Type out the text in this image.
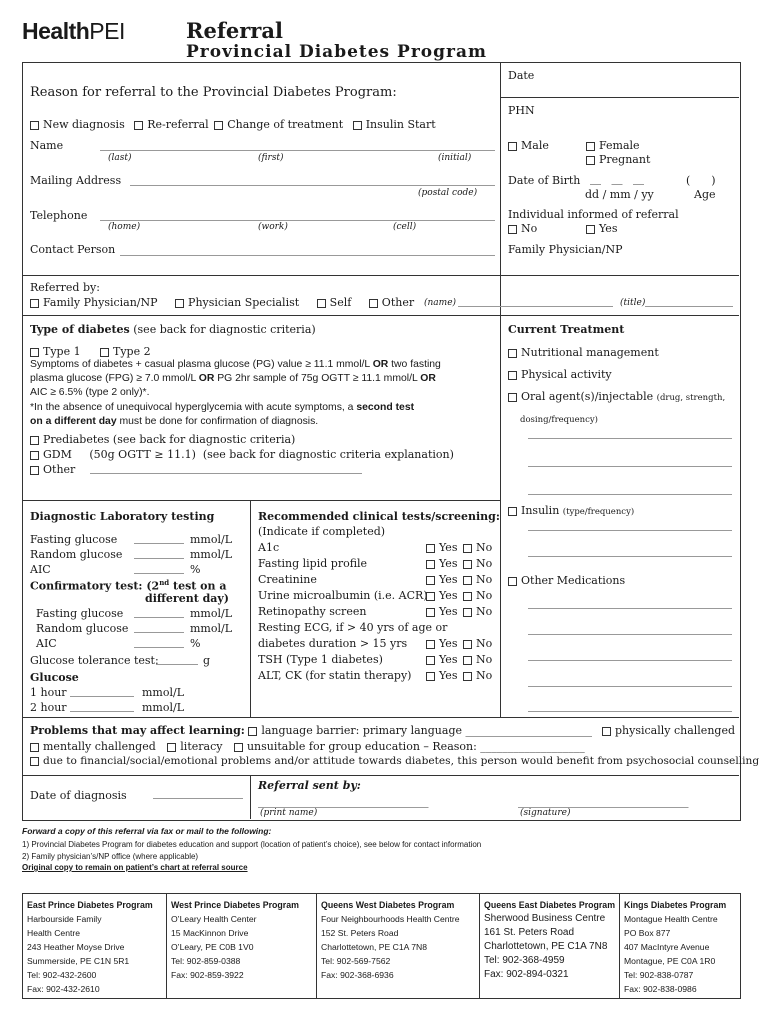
HealthPEI	Referral
Provincial Diabetes Program
Reason for referral to the Provincial Diabetes Program:
Date
PHN
New diagnosis Re-referral Change of treatment Insulin Start
Name
(last)	(first)	(initial)
Mailing Address
(postal code)
Telephone
(home)	(work)	(cell)
Contact Person
Male	Female
Pregnant
Date of Birth __   __   __	(      )
dd / mm / yy	Age
Individual informed of referral
No	Yes
Family Physician/NP
Referred by:
Family Physician/NP	Physician Specialist	Self	Other (name)	(title)
Type of diabetes (see back for diagnostic criteria)
Type 1	Type 2
Symptoms of diabetes + casual plasma glucose (PG) value ≥ 11.1 mmol/L OR two fasting
plasma glucose (FPG) ≥ 7.0 mmol/L OR PG 2hr sample of 75g OGTT ≥ 11.1 mmol/L OR
AIC ≥ 6.5% (type 2 only)*.
*In the absence of unequivocal hyperglycemia with acute symptoms, a second test
on a different day must be done for confirmation of diagnosis.
Prediabetes (see back for diagnostic criteria)
GDM     (50g OGTT ≥ 11.1)  (see back for diagnostic criteria explanation)
Other
Current Treatment
Nutritional management
Physical activity
Oral agent(s)/injectable (drug, strength,
dosing/frequency)
Insulin (type/frequency)
Other Medications
Diagnostic Laboratory testing
Fasting glucose	mmol/L
Random glucose	mmol/L
AIC	%
Confirmatory test: (2nd test on a
different day)
Fasting glucose	mmol/L
Random glucose	mmol/L
AIC	%
Glucose tolerance test:	g
Glucose
1 hour	mmol/L
2 hour	mmol/L
Recommended clinical tests/screening:
(Indicate if completed)
A1c	Yes	No
Fasting lipid profile	Yes	No
Creatinine	Yes	No
Urine microalbumin (i.e. ACR)	Yes	No
Retinopathy screen	Yes	No
Resting ECG, if > 40 yrs of age or
diabetes duration > 15 yrs	Yes	No
TSH (Type 1 diabetes)	Yes	No
ALT, CK (for statin therapy)	Yes	No
Problems that may affect learning: language barrier: primary language _______________________	physically challenged
mentally challenged literacy unsuitable for group education – Reason: ___________________
due to financial/social/emotional problems and/or attitude towards diabetes, this person would benefit from psychosocial counselling
Date of diagnosis
Referral sent by:
_______________________________	_______________________________
(print name)	(signature)
Forward a copy of this referral via fax or mail to the following:
1) Provincial Diabetes Program for diabetes education and support (location of patient’s choice), see below for contact information
2) Family physician’s/NP office (where applicable)
Original copy to remain on patient’s chart at referral source
East Prince Diabetes Program
Harbourside Family
Health Centre
243 Heather Moyse Drive
Summerside, PE C1N 5R1
Tel: 902-432-2600
Fax: 902-432-2610
West Prince Diabetes Program
O’Leary Health Center
15 MacKinnon Drive
O’Leary, PE C0B 1V0
Tel: 902-859-0388
Fax: 902-859-3922
Queens West Diabetes Program
Four Neighbourhoods Health Centre
152 St. Peters Road
Charlottetown, PE C1A 7N8
Tel: 902-569-7562
Fax: 902-368-6936
Queens East Diabetes Program
Sherwood Business Centre
161 St. Peters Road
Charlottetown, PE C1A 7N8
Tel: 902-368-4959
Fax: 902-894-0321
Kings Diabetes Program
Montague Health Centre
PO Box 877
407 MacIntyre Avenue
Montague, PE C0A 1R0
Tel: 902-838-0787
Fax: 902-838-0986
